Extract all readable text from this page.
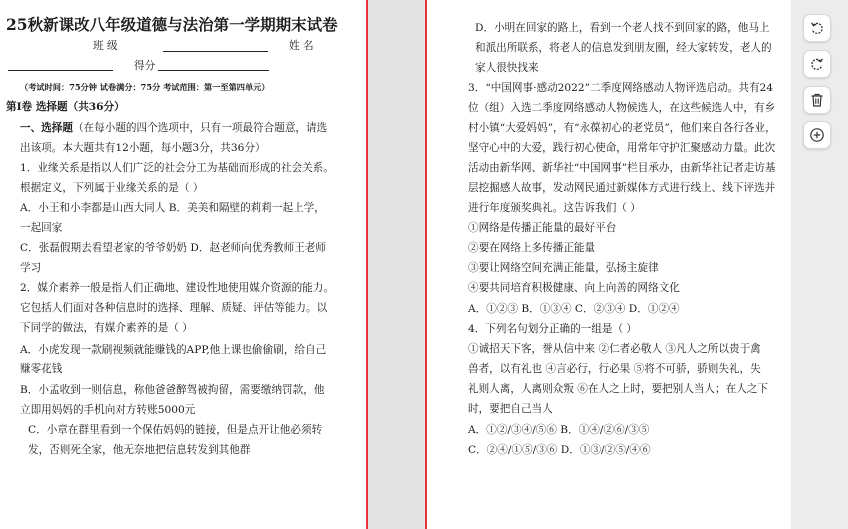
25秋新课改八年级道德与法治第一学期期末试卷
班 级	姓 名
得分
（考试时间：75分钟 试卷满分：75分 考试范围：第一至第四单元）
第Ⅰ卷 选择题（共36分）
一、选择题（在每小题的四个选项中，只有一项最符合题意，请选
出该项。本大题共有12小题，每小题3分，共36分）
1．业缘关系是指以人们广泛的社会分工为基础而形成的社会关系。
根据定义，下列属于业缘关系的是（ ）
A．小王和小李都是山西大同人 B．美美和隔壁的莉莉一起上学，
一起回家
C．张磊假期去看望老家的爷爷奶奶 D．赵老师向优秀教师王老师
学习
2．媒介素养一般是指人们正确地、建设性地使用媒介资源的能力。
它包括人们面对各种信息时的选择、理解、质疑、评估等能力。以
下同学的做法，有媒介素养的是（ ）
A．小虎发现一款刷视频就能赚钱的APP,他上课也偷偷刷，给自己
赚零花钱
B．小孟收到一则信息，称他爸爸醉驾被拘留，需要缴纳罚款，他
立即用妈妈的手机向对方转账5000元
C．小章在群里看到一个保佑妈妈的链接，但是点开让他必须转
发，否则死全家，他无奈地把信息转发到其他群
D．小明在回家的路上，看到一个老人找不到回家的路，他马上
和派出所联系，将老人的信息发到朋友圈，经大家转发，老人的
家人很快找来
3．“中国网事·感动2022”二季度网络感动人物评选启动。共有24
位（组）入选二季度网络感动人物候选人，在这些候选人中，有乡
村小镇“大爱妈妈”，有“永葆初心的老党员”，他们来自各行各业，
坚守心中的大爱，践行初心使命，用常年守护汇聚感动力量。此次
活动由新华网、新华社“中国网事”栏目承办，由新华社记者走访基
层挖掘感人故事，发动网民通过新媒体方式进行线上、线下评选并
进行年度颁奖典礼。这告诉我们（ ）
①网络是传播正能量的最好平台
②要在网络上多传播正能量
③要让网络空间充满正能量，弘扬主旋律
④要共同培育积极健康、向上向善的网络文化
A．①②③ B．①③④ C．②③④ D．①②④
4．下列名句划分正确的一组是（ ）
①诚招天下客，誉从信中来 ②仁者必敬人 ③凡人之所以贵于禽
兽者，以有礼也 ④言必行，行必果 ⑤将不可骄，骄则失礼，失
礼则人离，人离则众叛 ⑥在人之上时，要把别人当人；在人之下
时，要把自己当人
A．①②/③④/⑤⑥ B．①④/②⑥/③⑤
C．②④/①⑤/③⑥ D．①③/②⑤/④⑥
